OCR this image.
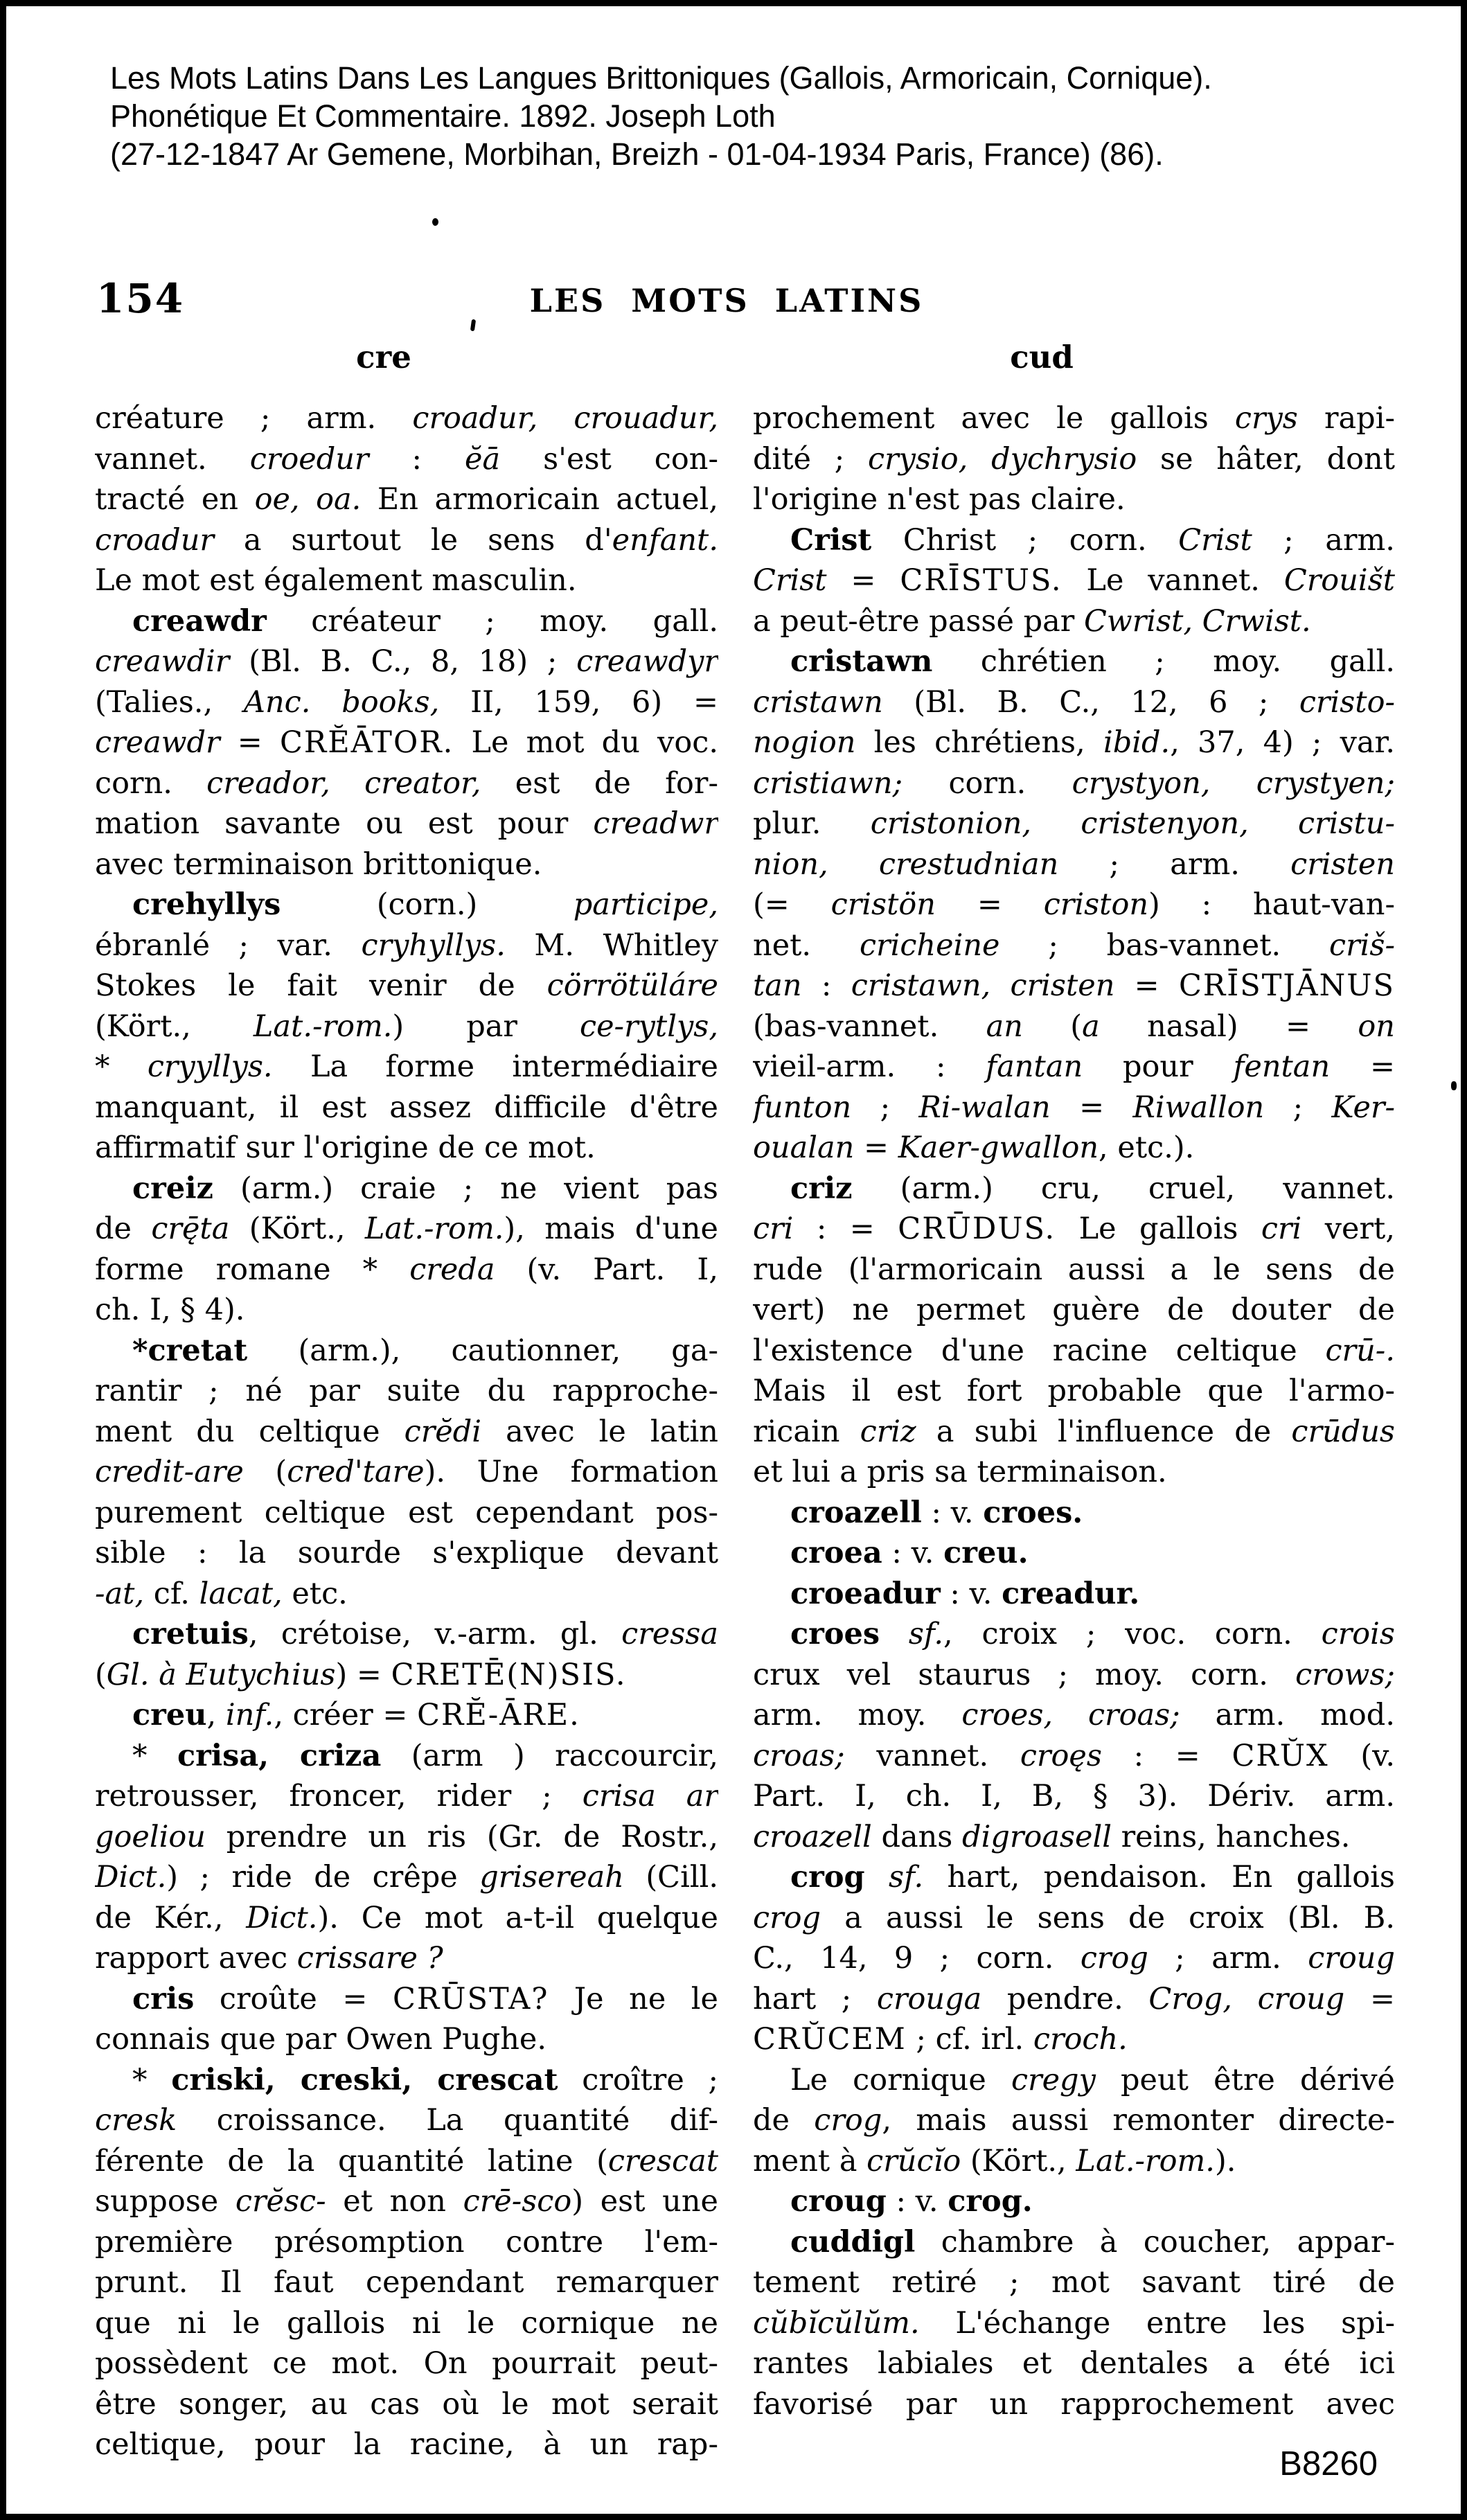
Les Mots Latins Dans Les Langues Brittoniques (Gallois, Armoricain, Cornique).
Phonétique Et Commentaire. 1892. Joseph Loth
(27-12-1847 Ar Gemene, Morbihan, Breizh - 01-04-1934 Paris, France) (86).
154	LES MOTS LATINS
cre	cud
créature ; arm. croadur, crouadur,
vannet. croedur : ĕā s'est con-
tracté en oe, oa. En armoricain actuel,
croadur a surtout le sens d'enfant.
Le mot est également masculin.
creawdr créateur ; moy. gall.
creawdir (Bl. B. C., 8, 18) ; creawdyr
(Talies., Anc. books, II, 159, 6) =
creawdr = CRĔĀTOR. Le mot du voc.
corn. creador, creator, est de for-
mation savante ou est pour creadwr
avec terminaison brittonique.
crehyllys (corn.) participe,
ébranlé ; var. cryhyllys. M. Whitley
Stokes le fait venir de cörrötüláre
(Kört., Lat.-rom.) par ce-rytlys,
* cryyllys. La forme intermédiaire
manquant, il est assez difficile d'être
affirmatif sur l'origine de ce mot.
creiz (arm.) craie ; ne vient pas
de crę̄ta (Kört., Lat.-rom.), mais d'une
forme romane * creda (v. Part. I,
ch. I, § 4).
*cretat (arm.), cautionner, ga-
rantir ; né par suite du rapproche-
ment du celtique crĕdi avec le latin
credit-are (cred'tare). Une formation
purement celtique est cependant pos-
sible : la sourde s'explique devant
-at, cf. lacat, etc.
cretuis, crétoise, v.-arm. gl. cressa
(Gl. à Eutychius) = CRETĒ(N)SIS.
creu, inf., créer = CRĔ-ĀRE.
* crisa, criza (arm ) raccourcir,
retrousser, froncer, rider ; crisa ar
goeliou prendre un ris (Gr. de Rostr.,
Dict.) ; ride de crêpe grisereah (Cill.
de Kér., Dict.). Ce mot a-t-il quelque
rapport avec crissare ?
cris croûte = CRŪSTA? Je ne le
connais que par Owen Pughe.
* criski, creski, crescat croître ;
cresk croissance. La quantité dif-
férente de la quantité latine (crescat
suppose crĕsc- et non crē-sco) est une
première présomption contre l'em-
prunt. Il faut cependant remarquer
que ni le gallois ni le cornique ne
possèdent ce mot. On pourrait peut-
être songer, au cas où le mot serait
celtique, pour la racine, à un rap-
prochement avec le gallois crys rapi-
dité ; crysio, dychrysio se hâter, dont
l'origine n'est pas claire.
Crist Christ ; corn. Crist ; arm.
Crist = CRĪSTUS. Le vannet. Crouišt
a peut-être passé par Cwrist, Crwist.
cristawn chrétien ; moy. gall.
cristawn (Bl. B. C., 12, 6 ; cristo-
nogion les chrétiens, ibid., 37, 4) ; var.
cristiawn; corn. crystyon, crystyen;
plur. cristonion, cristenyon, cristu-
nion, crestudnian ; arm. cristen
(= cristön = criston) : haut-van-
net. cricheine ; bas-vannet. criš-
tan : cristawn, cristen = CRĪSTJĀNUS
(bas-vannet. an (a nasal) = on
vieil-arm. : fantan pour fentan =
funton ; Ri-walan = Riwallon ; Ker-
oualan = Kaer-gwallon, etc.).
criz (arm.) cru, cruel, vannet.
cri : = CRŪDUS. Le gallois cri vert,
rude (l'armoricain aussi a le sens de
vert) ne permet guère de douter de
l'existence d'une racine celtique crū-.
Mais il est fort probable que l'armo-
ricain criz a subi l'influence de crūdus
et lui a pris sa terminaison.
croazell : v. croes.
croea : v. creu.
croeadur : v. creadur.
croes sf., croix ; voc. corn. crois
crux vel staurus ; moy. corn. crows;
arm. moy. croes, croas; arm. mod.
croas; vannet. croęs : = CRŬX (v.
Part. I, ch. I, B, § 3). Dériv. arm.
croazell dans digroasell reins, hanches.
crog sf. hart, pendaison. En gallois
crog a aussi le sens de croix (Bl. B.
C., 14, 9 ; corn. crog ; arm. croug
hart ; crouga pendre. Crog, croug =
CRŬCEM ; cf. irl. croch.
Le cornique cregy peut être dérivé
de crog, mais aussi remonter directe-
ment à crŭcĭo (Kört., Lat.-rom.).
croug : v. crog.
cuddigl chambre à coucher, appar-
tement retiré ; mot savant tiré de
cŭbĭcŭlŭm. L'échange entre les spi-
rantes labiales et dentales a été ici
favorisé par un rapprochement avec
B8260
